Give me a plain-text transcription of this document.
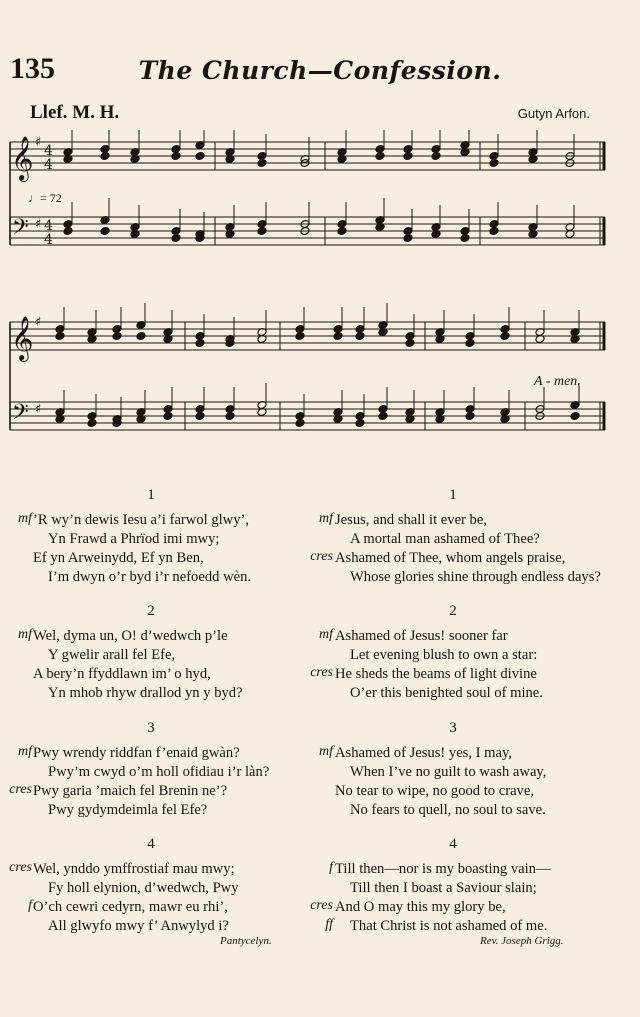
135	The Church—Confession.
Llef. M. H.	Gutyn Arfon.
𝄞
𝄞
𝄢
𝄢
♯
♯
♯
♯
4
4
4
4
♩= 72
A - men.
1
mf ’R wy’n dewis Iesu a’i farwol glwy’,
Yn Frawd a Phrïod imi mwy;
Ef yn Arweinydd, Ef yn Ben,
I’m dwyn o’r byd i’r nefoedd wèn.
2
mf Wel, dyma un, O! d’wedwch p’le
Y gwelir arall fel Efe,
A bery’n ffyddlawn im’ o hyd,
Yn mhob rhyw drallod yn y byd?
3
mf Pwy wrendy riddfan f’enaid gwàn?
Pwy’m cwyd o’m holl ofidiau i’r làn?
cres Pwy garia ’maich fel Brenin ne’?
Pwy gydymdeimla fel Efe?
4
cres Wel, ynddo ymffrostiaf mau mwy;
Fy holl elynion, d’wedwch, Pwy
f O’ch cewri cedyrn, mawr eu rhi’,
All glwyfo mwy f’ Anwylyd i?
1
mf Jesus, and shall it ever be,
A mortal man ashamed of Thee?
cres Ashamed of Thee, whom angels praise,
Whose glories shine through endless days?
2
mf Ashamed of Jesus! sooner far
Let evening blush to own a star:
cres He sheds the beams of light divine
O’er this benighted soul of mine.
3
mf Ashamed of Jesus! yes, I may,
When I’ve no guilt to wash away,
No tear to wipe, no good to crave,
No fears to quell, no soul to save.
4
f Till then—nor is my boasting vain—
Till then I boast a Saviour slain;
cres And O may this my glory be,
ff That Christ is not ashamed of me.
Pantycelyn.	Rev. Joseph Grigg.
